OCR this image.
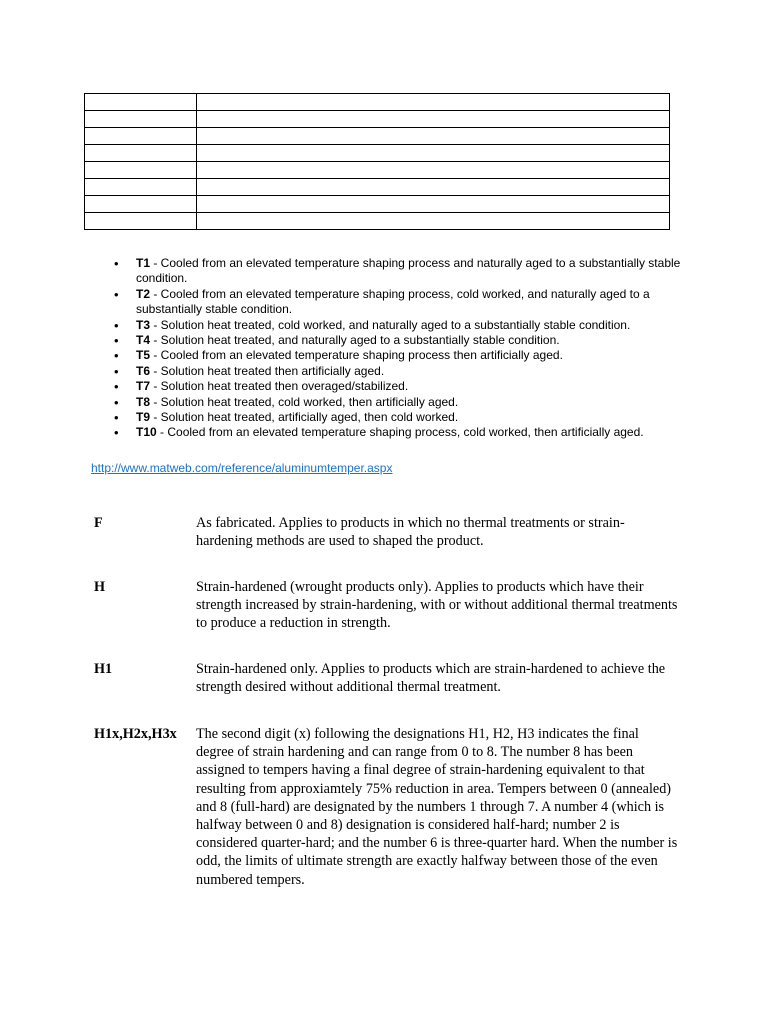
• T1 - Cooled from an elevated temperature shaping process and naturally aged to a substantially stable condition.
• T2 - Cooled from an elevated temperature shaping process, cold worked, and naturally aged to a substantially stable condition.
• T3 - Solution heat treated, cold worked, and naturally aged to a substantially stable condition.
• T4 - Solution heat treated, and naturally aged to a substantially stable condition.
• T5 - Cooled from an elevated temperature shaping process then artificially aged.
• T6 - Solution heat treated then artificially aged.
• T7 - Solution heat treated then overaged/stabilized.
• T8 - Solution heat treated, cold worked, then artificially aged.
• T9 - Solution heat treated, artificially aged, then cold worked.
• T10 - Cooled from an elevated temperature shaping process, cold worked, then artificially aged.
http://www.matweb.com/reference/aluminumtemper.aspx
F	As fabricated. Applies to products in which no thermal treatments or strain-hardening methods are used to shaped the product.
H	Strain-hardened (wrought products only). Applies to products which have their strength increased by strain-hardening, with or without additional thermal treatments to produce a reduction in strength.
H1	Strain-hardened only. Applies to products which are strain-hardened to achieve the strength desired without additional thermal treatment.
H1x,H2x,H3x The second digit (x) following the designations H1, H2, H3 indicates the final degree of strain hardening and can range from 0 to 8. The number 8 has been assigned to tempers having a final degree of strain-hardening equivalent to that resulting from approxiamtely 75% reduction in area. Tempers between 0 (annealed) and 8 (full-hard) are designated by the numbers 1 through 7. A number 4 (which is halfway between 0 and 8) designation is considered half-hard; number 2 is considered quarter-hard; and the number 6 is three-quarter hard. When the number is odd, the limits of ultimate strength are exactly halfway between those of the even numbered tempers.
